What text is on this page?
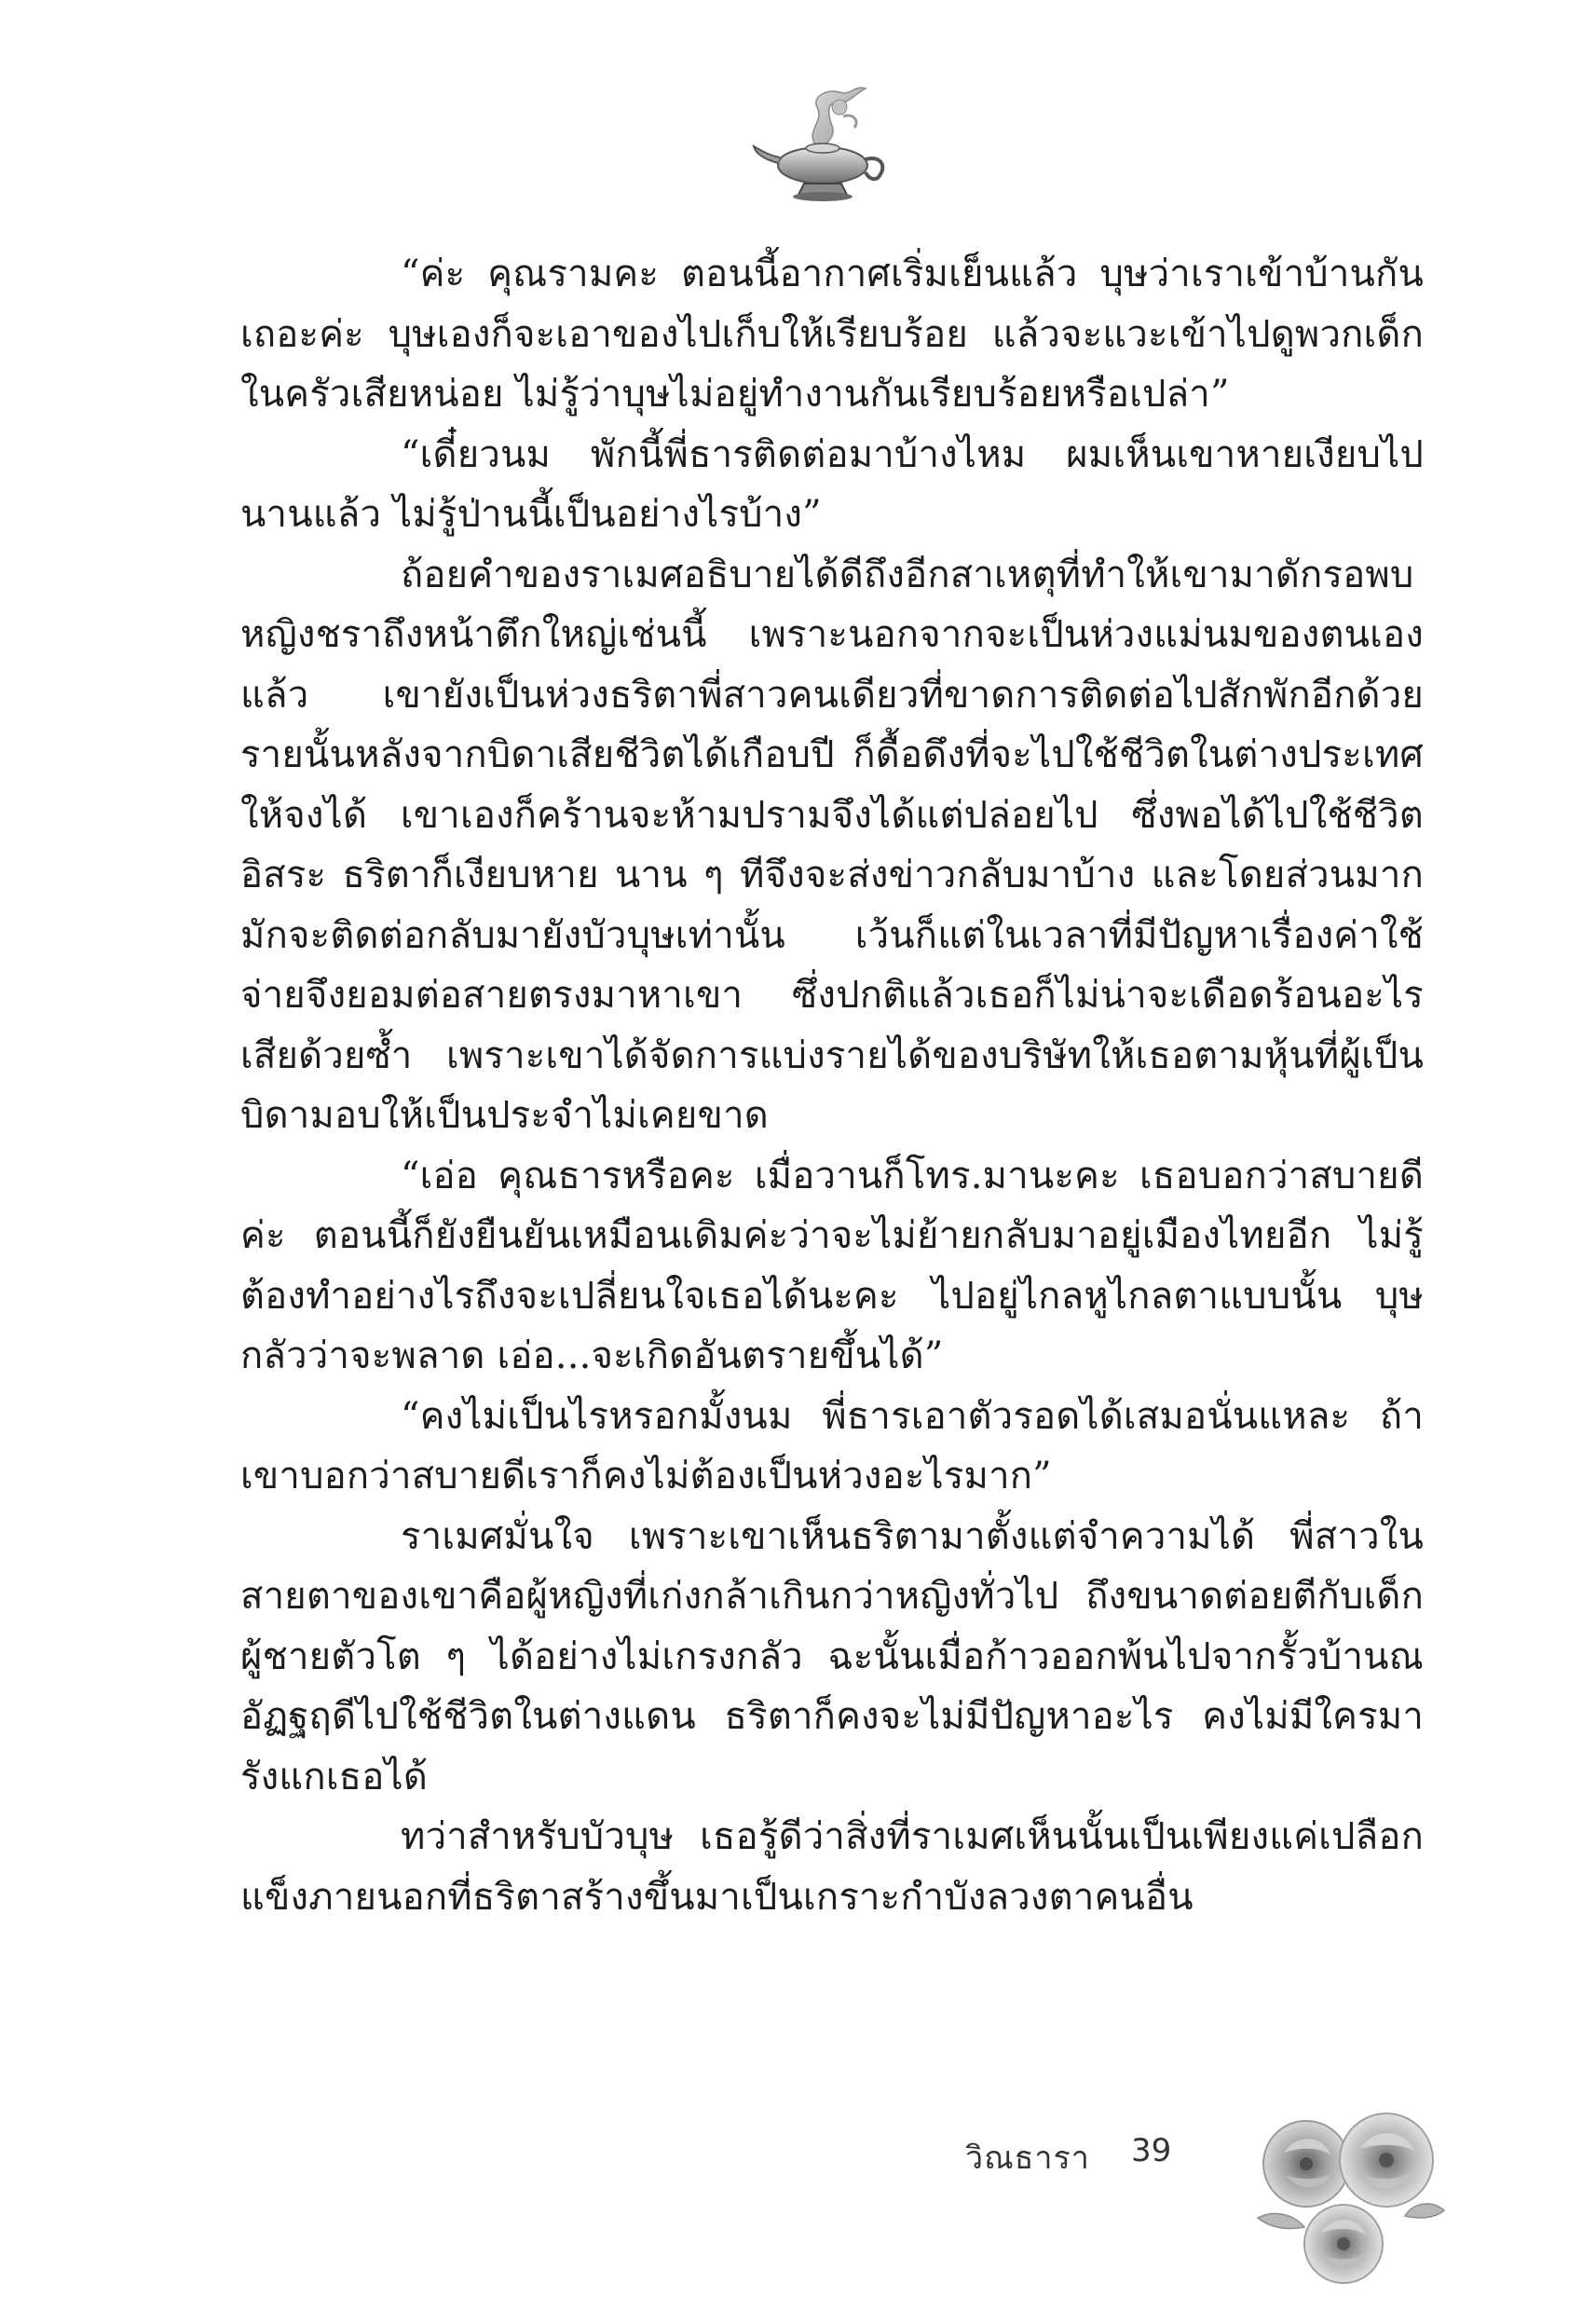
“ค่ะ คุณรามคะ ตอนนี้อากาศเริ่มเย็นแล้ว บุษว่าเราเข้าบ้านกันเถอะค่ะ บุษเองก็จะเอาของไปเก็บให้เรียบร้อย แล้วจะแวะเข้าไปดูพวกเด็กในครัวเสียหน่อย ไม่รู้ว่าบุษไม่อยู่ทำงานกันเรียบร้อยหรือเปล่า”

“เดี๋ยวนม พักนี้พี่ธารติดต่อมาบ้างไหม ผมเห็นเขาหายเงียบไปนานแล้ว ไม่รู้ป่านนี้เป็นอย่างไรบ้าง”

ถ้อยคำของราเมศอธิบายได้ดีถึงอีกสาเหตุที่ทำให้เขามาดักรอพบหญิงชราถึงหน้าตึกใหญ่เช่นนี้ เพราะนอกจากจะเป็นห่วงแม่นมของตนเองแล้ว เขายังเป็นห่วงธริตาพี่สาวคนเดียวที่ขาดการติดต่อไปสักพักอีกด้วย รายนั้นหลังจากบิดาเสียชีวิตได้เกือบปี ก็ดื้อดึงที่จะไปใช้ชีวิตในต่างประเทศให้จงได้ เขาเองก็คร้านจะห้ามปรามจึงได้แต่ปล่อยไป ซึ่งพอได้ไปใช้ชีวิตอิสระ ธริตาก็เงียบหาย นาน ๆ ทีจึงจะส่งข่าวกลับมาบ้าง และโดยส่วนมากมักจะติดต่อกลับมายังบัวบุษเท่านั้น เว้นก็แต่ในเวลาที่มีปัญหาเรื่องค่าใช้จ่ายจึงยอมต่อสายตรงมาหาเขา ซึ่งปกติแล้วเธอก็ไม่น่าจะเดือดร้อนอะไรเสียด้วยซ้ำ เพราะเขาได้จัดการแบ่งรายได้ของบริษัทให้เธอตามหุ้นที่ผู้เป็นบิดามอบให้เป็นประจำไม่เคยขาด

“เอ่อ คุณธารหรือคะ เมื่อวานก็โทร.มานะคะ เธอบอกว่าสบายดีค่ะ ตอนนี้ก็ยังยืนยันเหมือนเดิมค่ะว่าจะไม่ย้ายกลับมาอยู่เมืองไทยอีก ไม่รู้ต้องทำอย่างไรถึงจะเปลี่ยนใจเธอได้นะคะ ไปอยู่ไกลหูไกลตาแบบนั้น บุษกลัวว่าจะพลาด เอ่อ...จะเกิดอันตรายขึ้นได้”

“คงไม่เป็นไรหรอกมั้งนม พี่ธารเอาตัวรอดได้เสมอนั่นแหละ ถ้าเขาบอกว่าสบายดีเราก็คงไม่ต้องเป็นห่วงอะไรมาก”

ราเมศมั่นใจ เพราะเขาเห็นธริตามาตั้งแต่จำความได้ พี่สาวในสายตาของเขาคือผู้หญิงที่เก่งกล้าเกินกว่าหญิงทั่วไป ถึงขนาดต่อยตีกับเด็กผู้ชายตัวโต ๆ ได้อย่างไม่เกรงกลัว ฉะนั้นเมื่อก้าวออกพ้นไปจากรั้วบ้านณอัฏฐฤดีไปใช้ชีวิตในต่างแดน ธริตาก็คงจะไม่มีปัญหาอะไร คงไม่มีใครมารังแกเธอได้

ทว่าสำหรับบัวบุษ เธอรู้ดีว่าสิ่งที่ราเมศเห็นนั้นเป็นเพียงแค่เปลือกแข็งภายนอกที่ธริตาสร้างขึ้นมาเป็นเกราะกำบังลวงตาคนอื่น

วิณธารา 39
